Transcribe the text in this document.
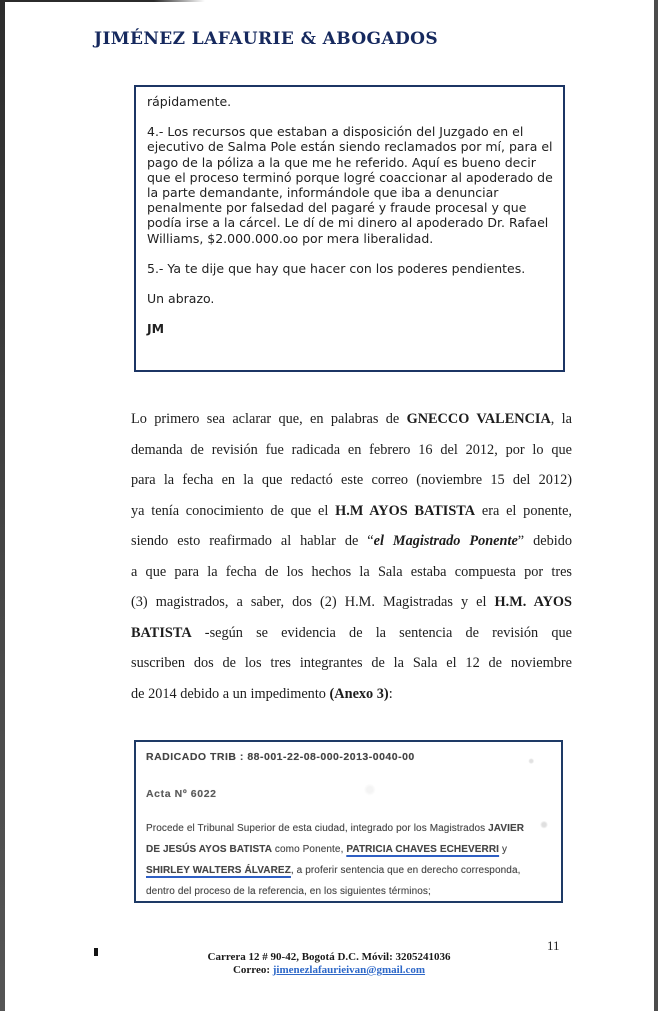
JIMÉNEZ LAFAURIE & ABOGADOS

rápidamente.

4.- Los recursos que estaban a disposición del Juzgado en el ejecutivo de Salma Pole están siendo reclamados por mí, para el pago de la póliza a la que me he referido. Aquí es bueno decir que el proceso terminó porque logré coaccionar al apoderado de la parte demandante, informándole que iba a denunciar penalmente por falsedad del pagaré y fraude procesal y que podía irse a la cárcel. Le dí de mi dinero al apoderado Dr. Rafael Williams, $2.000.000.oo por mera liberalidad.

5.- Ya te dije que hay que hacer con los poderes pendientes.

Un abrazo.

JM

Lo primero sea aclarar que, en palabras de GNECCO VALENCIA, la
demanda de revisión fue radicada en febrero 16 del 2012, por lo que
para la fecha en la que redactó este correo (noviembre 15 del 2012)
ya tenía conocimiento de que el H.M AYOS BATISTA era el ponente,
siendo esto reafirmado al hablar de “el Magistrado Ponente” debido
a que para la fecha de los hechos la Sala estaba compuesta por tres
(3) magistrados, a saber, dos (2) H.M. Magistradas y el H.M. AYOS
BATISTA -según se evidencia de la sentencia de revisión que
suscriben dos de los tres integrantes de la Sala el 12 de noviembre
de 2014 debido a un impedimento (Anexo 3):
RADICADO TRIB : 88-001-22-08-000-2013-0040-00
Acta Nº 6022
Procede el Tribunal Superior de esta ciudad, integrado por los Magistrados JAVIER
DE JESÚS AYOS BATISTA como Ponente, PATRICIA CHAVES ECHEVERRI y
SHIRLEY WALTERS ÁLVAREZ, a proferir sentencia que en derecho corresponda,
dentro del proceso de la referencia, en los siguientes términos;
11
Carrera 12 # 90-42, Bogotá D.C. Móvil: 3205241036
Correo: jimenezlafaurieivan@gmail.com
